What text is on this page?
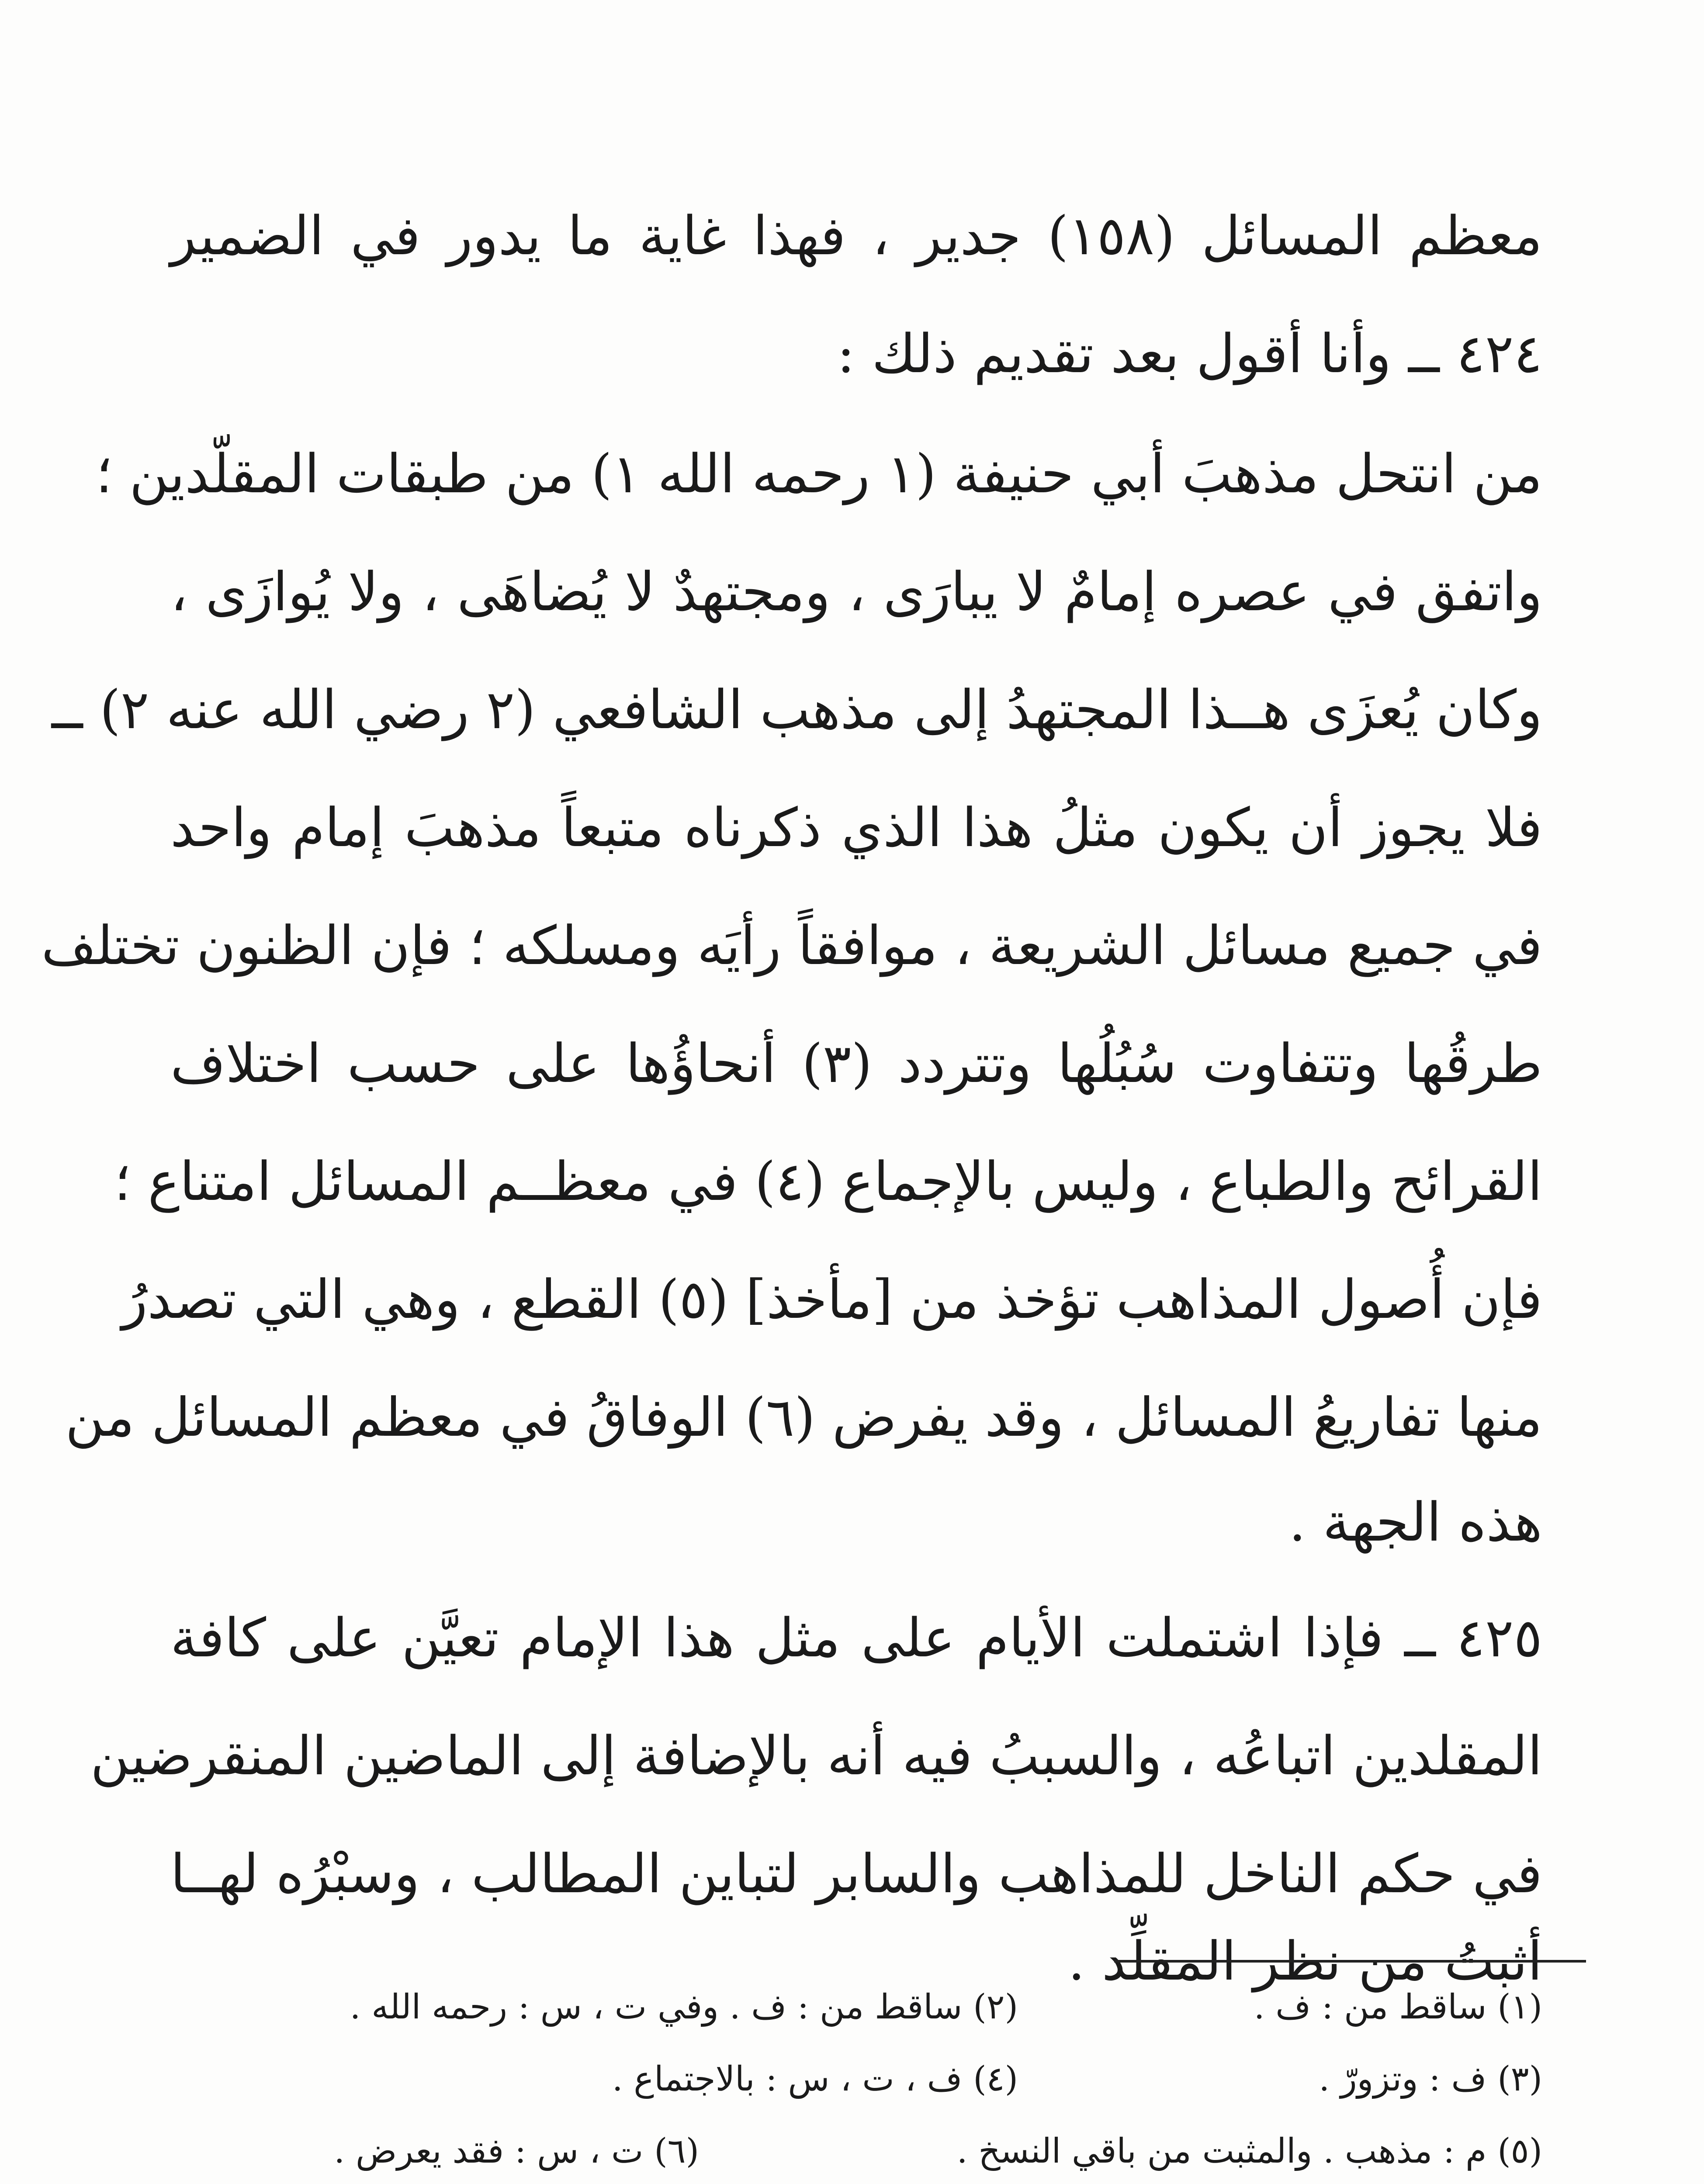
معظم المسائل (١٥٨) جدير ، فهذا غاية ما يدور في الضمير
٤٢٤ ــ وأنا أقول بعد تقديم ذلك :
من انتحل مذهبَ أبي حنيفة (١ رحمه الله ١) من طبقات المقلّدين ؛
واتفق في عصره إمامٌ لا يبارَى ، ومجتهدٌ لا يُضاهَى ، ولا يُوازَى ،
وكان يُعزَى هــذا المجتهدُ إلى مذهب الشافعي (٢ رضي الله عنه ٢) ــ
فلا يجوز أن يكون مثلُ هذا الذي ذكرناه متبعاً مذهبَ إمام واحد
في جميع مسائل الشريعة ، موافقاً رأيَه ومسلكه ؛ فإن الظنون تختلف
طرقُها وتتفاوت سُبُلُها وتتردد (٣) أنحاؤُها على حسب اختلاف
القرائح والطباع ، وليس بالإجماع (٤) في معظــم المسائل امتناع ؛
فإن أُصول المذاهب تؤخذ من [مأخذ] (٥) القطع ، وهي التي تصدرُ
منها تفاريعُ المسائل ، وقد يفرض (٦) الوفاقُ في معظم المسائل من
هذه الجهة .
٤٢٥ ــ فإذا اشتملت الأيام على مثل هذا الإمام تعيَّن على كافة
المقلدين اتباعُه ، والسببُ فيه أنه بالإضافة إلى الماضين المنقرضين
في حكم الناخل للمذاهب والسابر لتباين المطالب ، وسبْرُه لهــا
أثبتُ من نظر المقلِّد .
(١) ساقط من : ف .
(٢) ساقط من : ف . وفي ت ، س : رحمه الله .
(٣) ف : وتزورّ .
(٤) ف ، ت ، س : بالاجتماع .
(٥) م : مذهب . والمثبت من باقي النسخ .
(٦) ت ، س : فقد يعرض .
